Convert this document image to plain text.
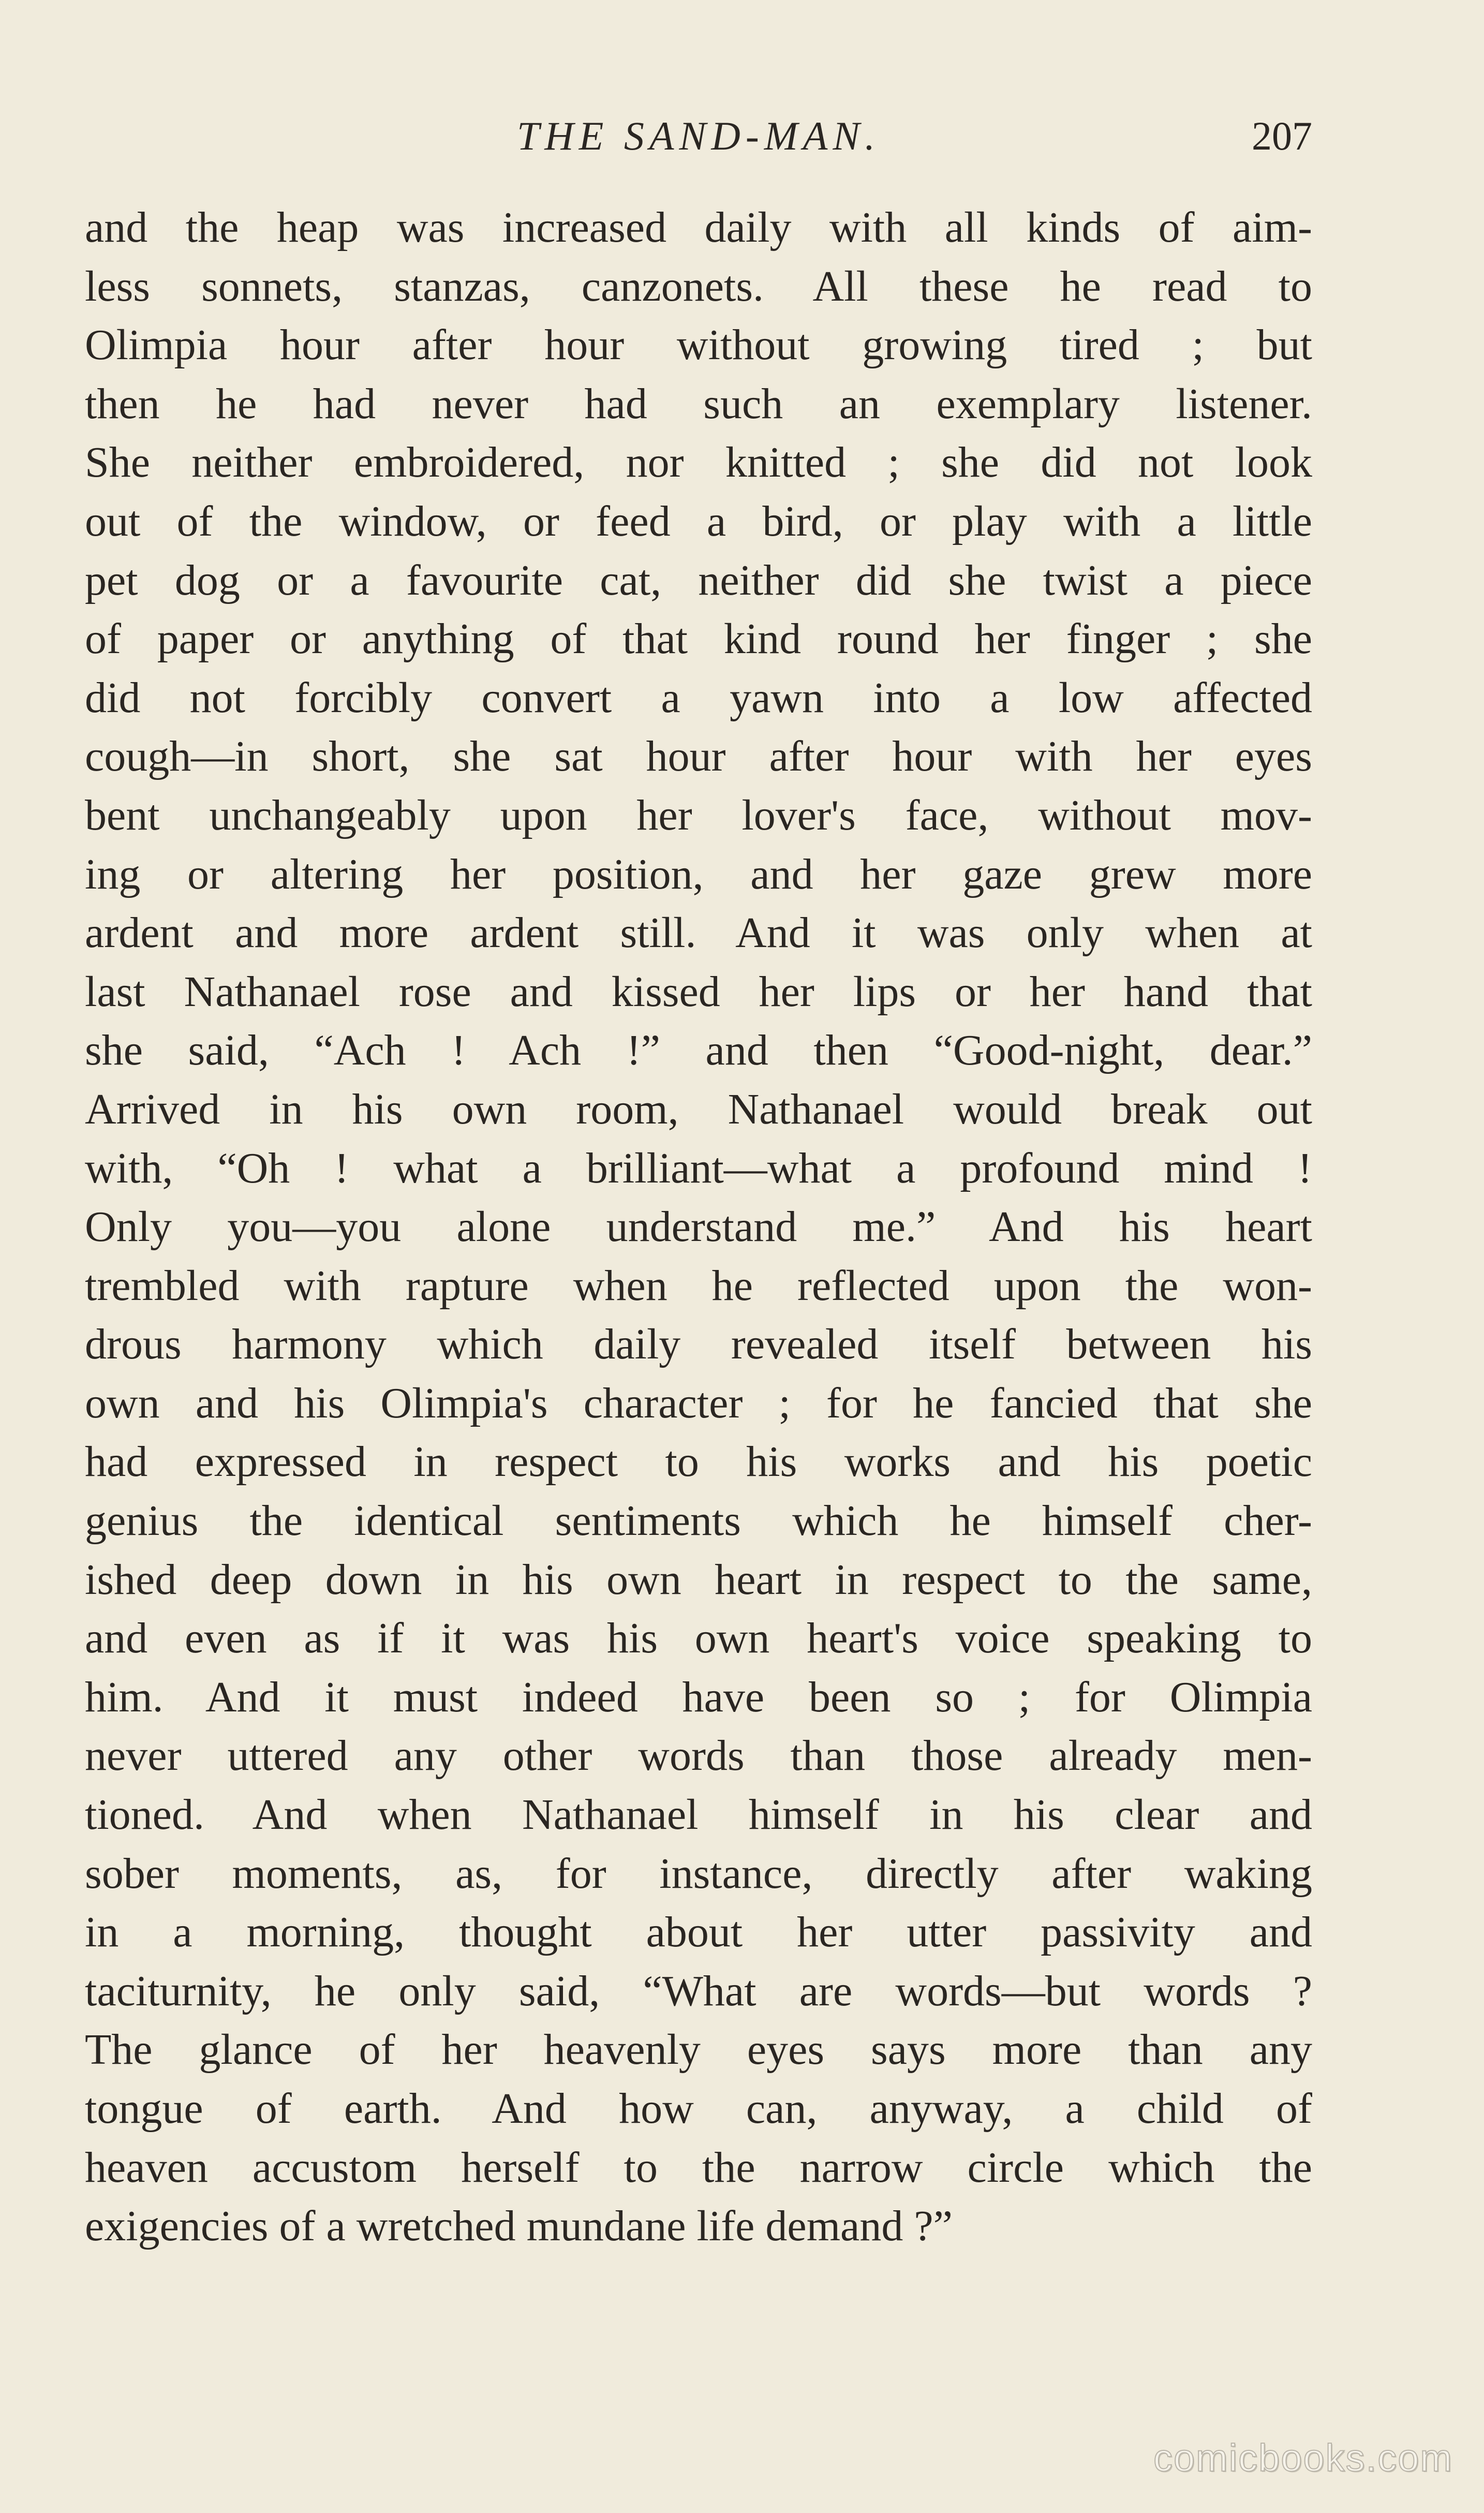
THE SAND-MAN.	207
and the heap was increased daily with all kinds of aim-
less sonnets, stanzas, canzonets. All these he read to
Olimpia hour after hour without growing tired ; but
then he had never had such an exemplary listener.
She neither embroidered, nor knitted ; she did not look
out of the window, or feed a bird, or play with a little
pet dog or a favourite cat, neither did she twist a piece
of paper or anything of that kind round her finger ; she
did not forcibly convert a yawn into a low affected
cough—in short, she sat hour after hour with her eyes
bent unchangeably upon her lover's face, without mov-
ing or altering her position, and her gaze grew more
ardent and more ardent still. And it was only when at
last Nathanael rose and kissed her lips or her hand that
she said, “Ach ! Ach !” and then “Good-night, dear.”
Arrived in his own room, Nathanael would break out
with, “Oh ! what a brilliant—what a profound mind !
Only you—you alone understand me.” And his heart
trembled with rapture when he reflected upon the won-
drous harmony which daily revealed itself between his
own and his Olimpia's character ; for he fancied that she
had expressed in respect to his works and his poetic
genius the identical sentiments which he himself cher-
ished deep down in his own heart in respect to the same,
and even as if it was his own heart's voice speaking to
him. And it must indeed have been so ; for Olimpia
never uttered any other words than those already men-
tioned. And when Nathanael himself in his clear and
sober moments, as, for instance, directly after waking
in a morning, thought about her utter passivity and
taciturnity, he only said, “What are words—but words ?
The glance of her heavenly eyes says more than any
tongue of earth. And how can, anyway, a child of
heaven accustom herself to the narrow circle which the
exigencies of a wretched mundane life demand ?”
comicbooks.com
